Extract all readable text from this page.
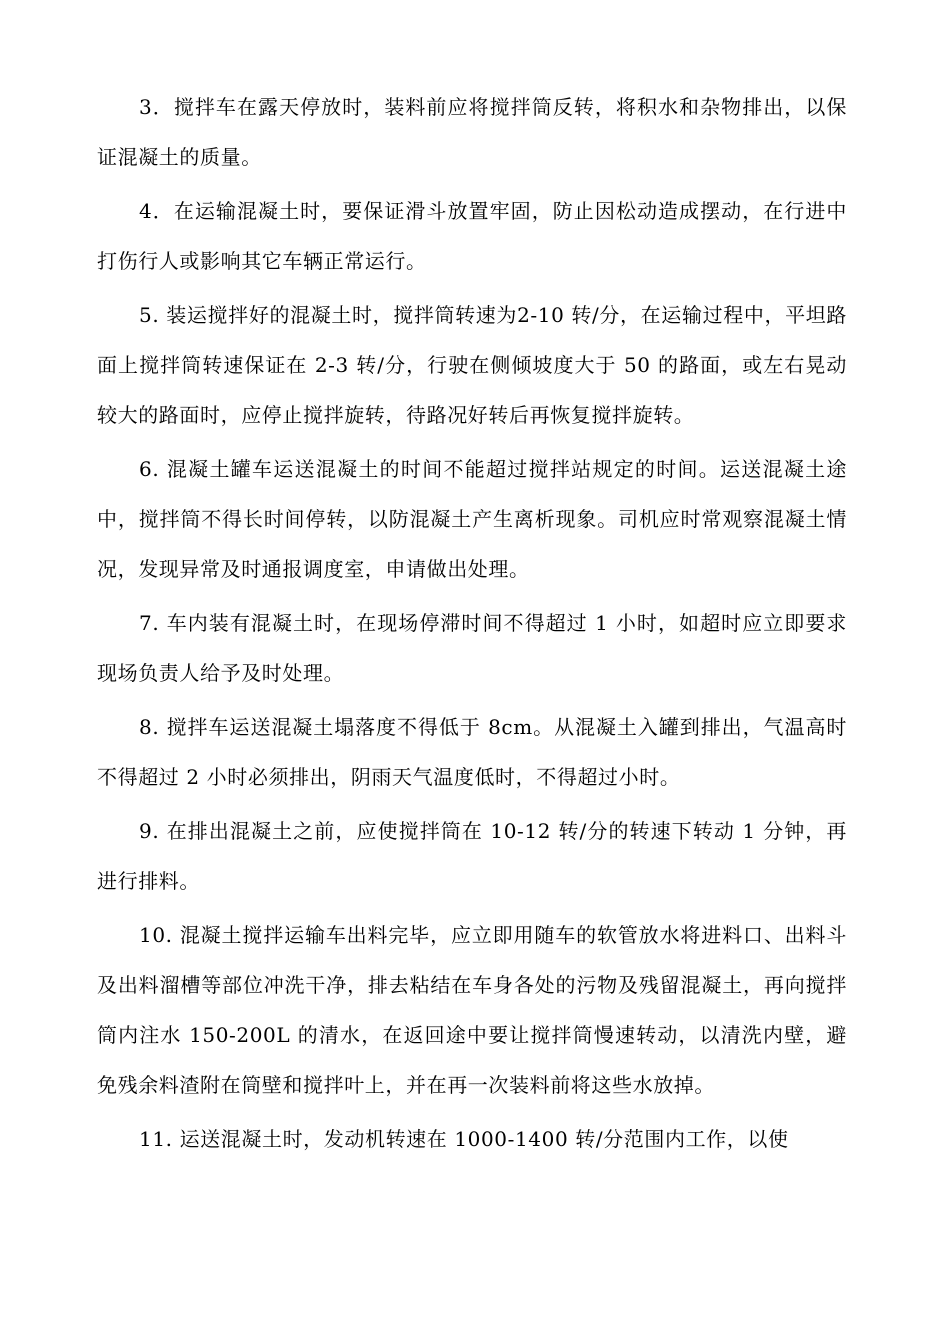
3．搅拌车在露天停放时，装料前应将搅拌筒反转，将积水和杂物排出，以保证混凝土的质量。

4．在运输混凝土时，要保证滑斗放置牢固，防止因松动造成摆动，在行进中打伤行人或影响其它车辆正常运行。

5. 装运搅拌好的混凝土时，搅拌筒转速为2-10 转/分，在运输过程中，平坦路面上搅拌筒转速保证在 2-3 转/分，行驶在侧倾坡度大于 50 的路面，或左右晃动较大的路面时，应停止搅拌旋转，待路况好转后再恢复搅拌旋转。

6. 混凝土罐车运送混凝土的时间不能超过搅拌站规定的时间。运送混凝土途中，搅拌筒不得长时间停转，以防混凝土产生离析现象。司机应时常观察混凝土情况，发现异常及时通报调度室，申请做出处理。

7. 车内装有混凝土时，在现场停滞时间不得超过 1 小时，如超时应立即要求现场负责人给予及时处理。

8. 搅拌车运送混凝土塌落度不得低于 8cm。从混凝土入罐到排出，气温高时不得超过 2 小时必须排出，阴雨天气温度低时，不得超过小时。

9. 在排出混凝土之前，应使搅拌筒在 10-12 转/分的转速下转动 1 分钟，再进行排料。

10. 混凝土搅拌运输车出料完毕，应立即用随车的软管放水将进料口、出料斗及出料溜槽等部位冲洗干净，排去粘结在车身各处的污物及残留混凝土，再向搅拌筒内注水 150-200L 的清水，在返回途中要让搅拌筒慢速转动，以清洗内壁，避免残余料渣附在筒壁和搅拌叶上，并在再一次装料前将这些水放掉。

11. 运送混凝土时，发动机转速在 1000-1400 转/分范围内工作，以使
